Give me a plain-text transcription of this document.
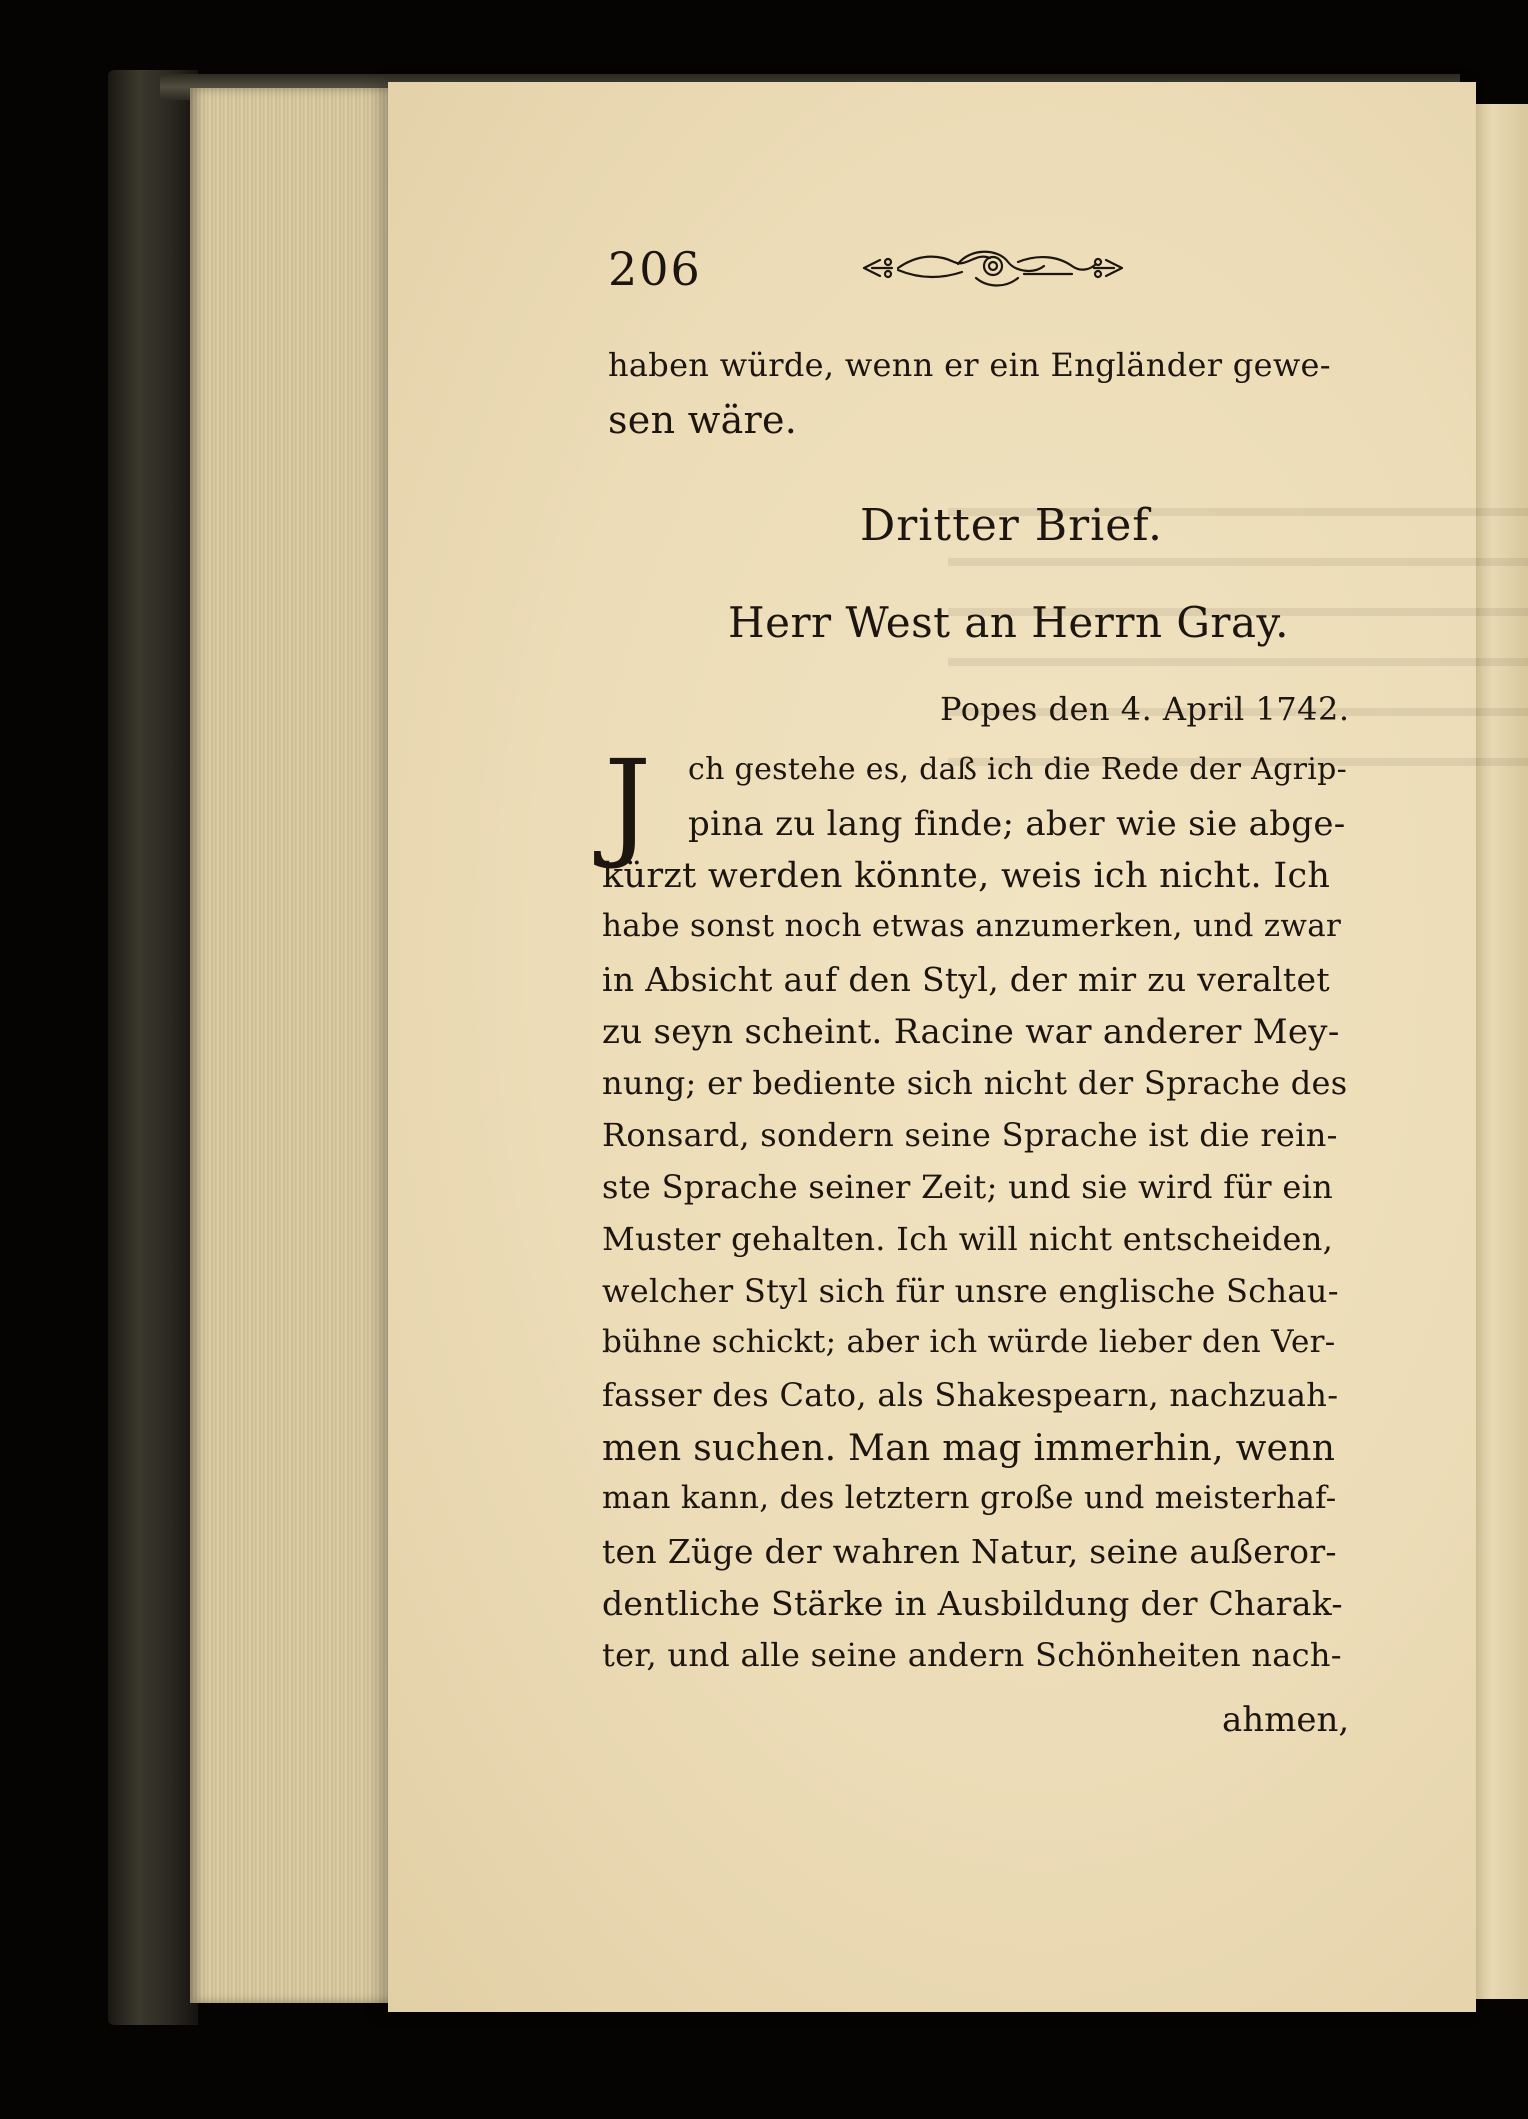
206
haben würde, wenn er ein Engländer gewe-
sen wäre.
Dritter Brief.
Herr West an Herrn Gray.
Popes den 4. April 1742.
J ch gestehe es, daß ich die Rede der Agrip-
pina zu lang finde; aber wie sie abge-
kürzt werden könnte, weis ich nicht. Ich
habe sonst noch etwas anzumerken, und zwar
in Absicht auf den Styl, der mir zu veraltet
zu seyn scheint. Racine war anderer Mey-
nung; er bediente sich nicht der Sprache des
Ronsard, sondern seine Sprache ist die rein-
ste Sprache seiner Zeit; und sie wird für ein
Muster gehalten. Ich will nicht entscheiden,
welcher Styl sich für unsre englische Schau-
bühne schickt; aber ich würde lieber den Ver-
fasser des Cato, als Shakespearn, nachzuah-
men suchen. Man mag immerhin, wenn
man kann, des letztern große und meisterhaf-
ten Züge der wahren Natur, seine außeror-
dentliche Stärke in Ausbildung der Charak-
ter, und alle seine andern Schönheiten nach-
ahmen,
